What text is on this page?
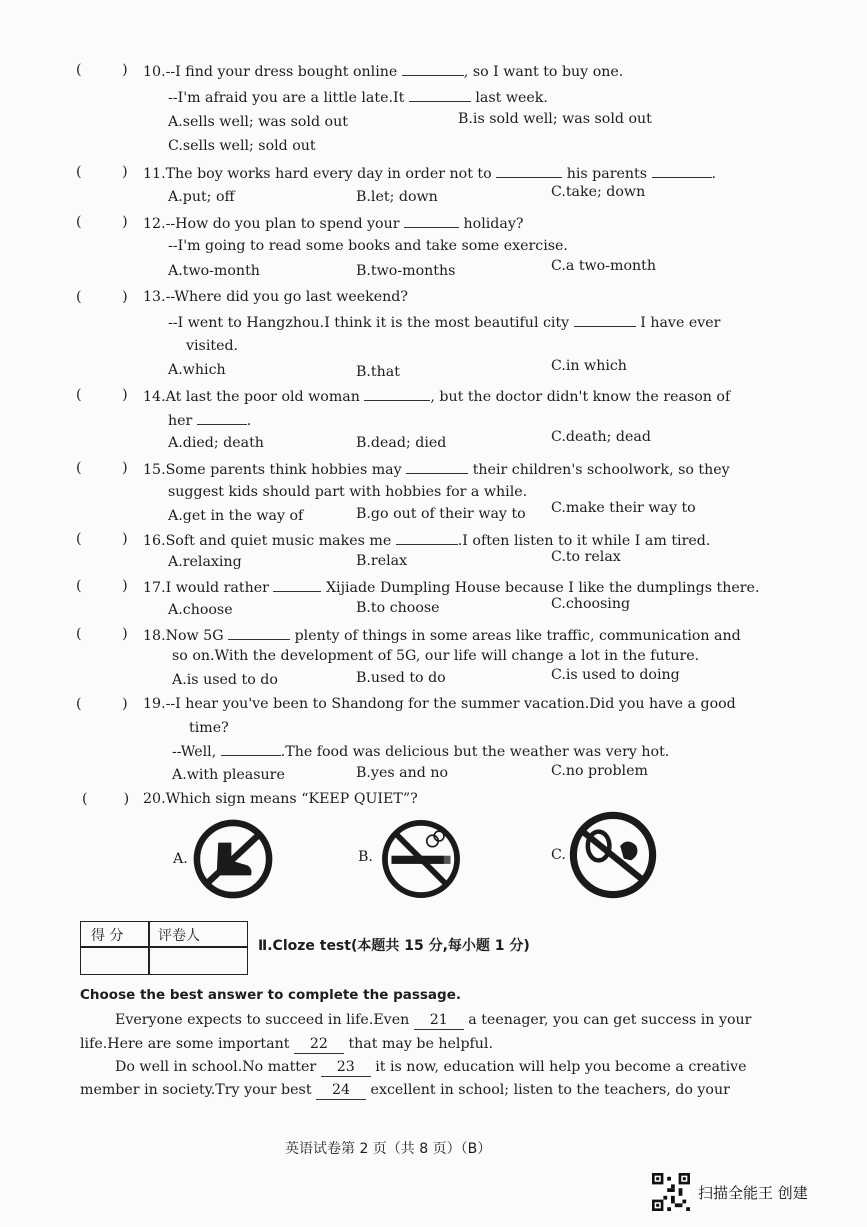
(         ) 10.--I find your dress bought online	, so I want to buy one.
--I'm afraid you are a little late.It	last week.
A.sells well; was sold out	B.is sold well; was sold out
C.sells well; sold out
(         ) 11.The boy works hard every day in order not to	his parents	.
A.put; off	B.let; down	C.take; down
(         ) 12.--How do you plan to spend your	holiday?
--I'm going to read some books and take some exercise.
A.two-month	B.two-months	C.a two-month
(         ) 13.--Where did you go last weekend?
--I went to Hangzhou.I think it is the most beautiful city	I have ever
visited.
A.which	B.that	C.in which
(         ) 14.At last the poor old woman	, but the doctor didn't know the reason of
her	.
A.died; death	B.dead; died	C.death; dead
(         ) 15.Some parents think hobbies may	their children's schoolwork, so they
suggest kids should part with hobbies for a while.
A.get in the way of	B.go out of their way to C.make their way to
(         ) 16.Soft and quiet music makes me	.I often listen to it while I am tired.
A.relaxing	B.relax	C.to relax
(         ) 17.I would rather	Xijiade Dumpling House because I like the dumplings there.
A.choose	B.to choose	C.choosing
(         ) 18.Now 5G	plenty of things in some areas like traffic, communication and
so on.With the development of 5G, our life will change a lot in the future.
A.is used to do	B.used to do	C.is used to doing
(         ) 19.--I hear you've been to Shandong for the summer vacation.Did you have a good
time?
--Well,	.The food was delicious but the weather was very hot.
A.with pleasure	B.yes and no	C.no problem
(        ) 20.Which sign means “KEEP QUIET”?
A.	B.	C.
得 分 评卷人
Ⅱ.Cloze test(本题共 15 分,每小题 1 分)
Choose the best answer to complete the passage.
Everyone expects to succeed in life.Even 21 a teenager, you can get success in your
life.Here are some important 22 that may be helpful.
Do well in school.No matter 23 it is now, education will help you become a creative
member in society.Try your best 24 excellent in school; listen to the teachers, do your
英语试卷第 2 页（共 8 页）（B）
扫描全能王 创建
